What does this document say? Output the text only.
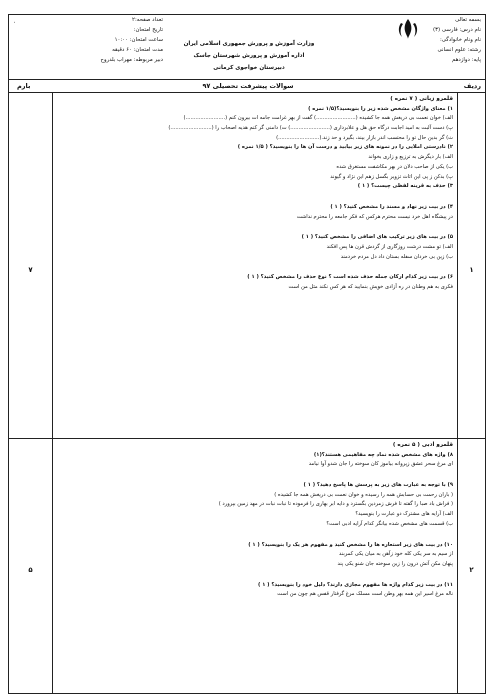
۰	بسمه تعالی
نام درس: فارسی (۳)
نام ونام خانوادگی:
رشته: علوم انسانی
پایه: دوازدهم
وزارت آموزش و پرورش جمهوری اسلامی ایران
اداره آموزش و پرورش شهرستان جاسک
دبیرستان خواجوی کرمانی
تعداد صفحه:۲
تاریخ امتحان:
ساعت امتحان: ۱۰:۰۰
مدت امتحان: ۶۰ دقیقه
دبیر مربوطه: مهراب بلدروح
ردیف
سوالات پیشرفت تحصیلی ۹۷
بارم
۱
۷
قلمرو زبانی ( ۷ نمره )
۱) معنای واژگان مشخص شده زیر را بنویسید؟(۱/۵ نمره )
الف) خوان نعمت بی دریغش همه جا کشیده (........................) گفت از بهر غرامت جامه ات بیرون کنم (........................)
پ) دست آلبت به امید اجابت درگاه حق هل و علابرداری (........................) ت) دامنی گر کنم هدیه اصحاب را (.........................)
ث) گر بدین حال تو را محتسب اندر بازار بیند، بگیرد و حد زند.(.........................)
۲) نادرستی املایی را در نمونه های زیر بیابید و درست آن ها را بنویسید؟ ( ۱/۵ نمره )
الف) بار دیگرش به ترزیع و زاری بخواند
ب) یکی از صاحب دلان در بهر مکاشفت مستغرق شده
پ) بدکن ز پی این اثاث تزویر بگسل زهم این نژاد و گیوند
۳) حذف به قرینه لفظی چیست؟ ( ۱ )
۴) در بیت زیر نهاد و مسند را مشخص کنید؟ ( ۱ )
در پیشگاه اهل خرد نیست محترم هرکس که فکر جامعه را محترم نداشت
۵) در بیت های زیر ترکیب های اضافی را مشخص کنید؟ ( ۱ )
الف) تو مشت درشت روزگاری از گردش قرن ها پس افکند
ب) زین بی خردان سفله بستان داد دل مردم خردمند
۶) در بیت زیر کدام ارکان جمله حذف شده است ؟ نوع حذف را مشخص کنید؟ ( ۱ )
فکری به هم وطنان در ره آزادی خویش بنمایید که هر کس نکند مثل من است
۲
۵
قلمرو ادبی ( ۵ نمره )
۸) واژه های مشخص شده نماد چه مفاهیمی هستند؟(۱)
ای مرغ سحر عشق زپروانه بیاموز کان سوخته را جان شدو آوا نیامد
۹) با توجه به عبارت های زیر به پرسش ها پاسخ دهید؟ ( ۱ )
( باران رحمت بی حسابش همه را رسیده و خوان نعمت بی دریغش همه جا کشیده )
( فراش باد صبا را گفته تا فرش زمردین بگسترد و دایه ابر بهاری را فرموده تا نبات نبات در مهد زمین بپرورد )
الف) آرایه های مشترک دو عبارت را بنویسید؟
ب) قسمت های مشخص شده بیانگر کدام آرایه ادبی است؟
۱۰) در بیت های زیر استعاره ها را مشخص کنید و مفهوم هر یک را بنویسید؟ ( ۱ )
از سیم به سر یکی کله خود زآهن به میان یکی کمربند
پنهان مکن آتش درون را زین سوخته جان شنو یکی پند
۱۱) در بیت زیر کدام واژه ها مفهوم مجازی دارند؟ دلیل خود را بنویسید؟ ( ۱ )
ناله مرغ اسیر این همه بهر وطن است مسلک مرغ گرفتار قفس هم چون من است
